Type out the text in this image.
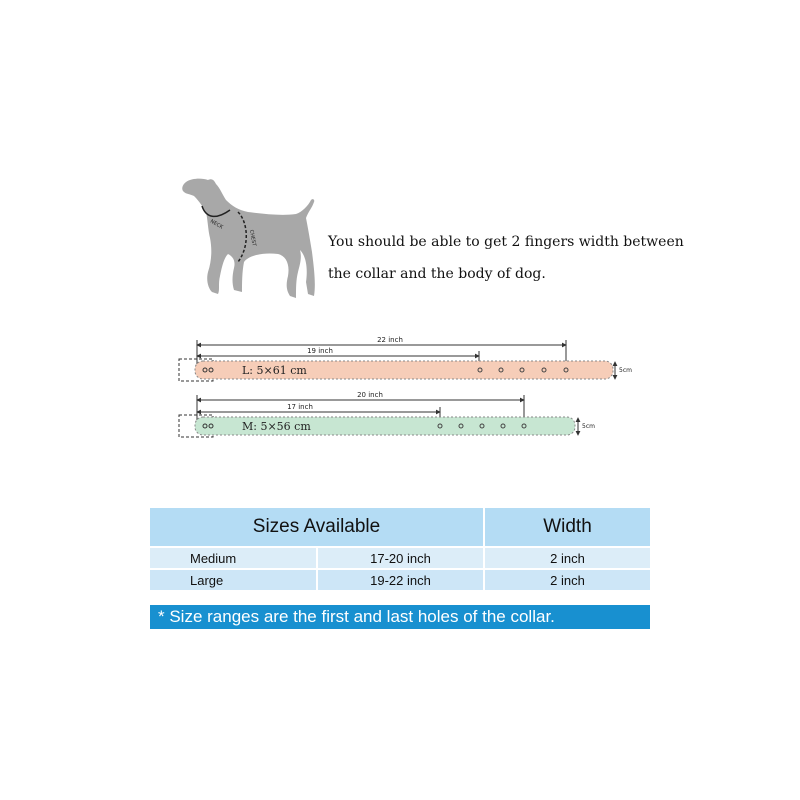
NECK
CHEST	You should be able to get 2 fingers width between
the collar and the body of dog.
22 inch
19 inch
L: 5×61 cm	5cm
20 inch
17 inch
M: 5×56 cm	5cm
Sizes Available		Width
Medium	17-20 inch	2 inch
Large	19-22 inch	2 inch
* Size ranges are the first and last holes of the collar.
